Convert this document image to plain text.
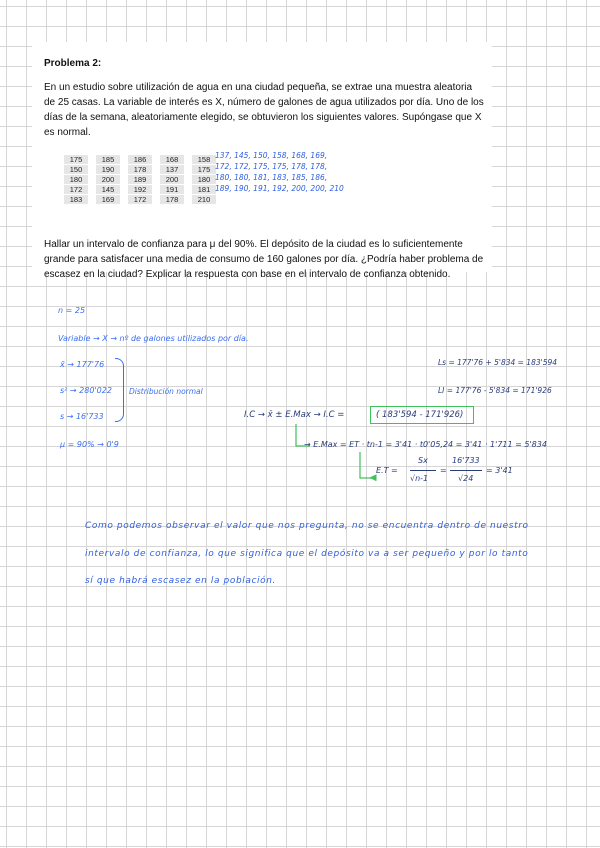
Problema 2:
En un estudio sobre utilización de agua en una ciudad pequeña, se extrae una muestra aleatoria de 25 casas. La variable de interés es X, número de galones de agua utilizados por día. Uno de los días de la semana, aleatoriamente elegido, se obtuvieron los siguientes valores. Supóngase que X es normal.
175	185	186	168	158
150	190	178	137	175
180	200	189	200	180
172	145	192	191	181
183	169	172	178	210
137, 145, 150, 158, 168, 169,
172, 172, 175, 175, 178, 178,
180, 180, 181, 183, 185, 186,
189, 190, 191, 192, 200, 200, 210
Hallar un intervalo de confianza para μ del 90%. El depósito de la ciudad es lo suficientemente grande para satisfacer una media de consumo de 160 galones por día. ¿Podría haber problema de escasez en la ciudad? Explicar la respuesta con base en el intervalo de confianza obtenido.
n = 25
Variable → X → nº de galones utilizados por día.
x̄ → 177'76
s² → 280'022 Distribución normal
s → 16'733
μ = 90% → 0'9
Ls = 177'76 + 5'834 = 183'594
LI = 177'76 - 5'834 = 171'926
I.C → x̄ ± E.Max → I.C =	( 183'594 - 171'926)
→ E.Max = ET · tn-1 = 3'41 · t0'05,24 = 3'41 · 1'711 = 5'834
E.T =
Sx
√n-1
=
16'733
√24
= 3'41
Como podemos observar el valor que nos pregunta, no se encuentra dentro de nuestro
intervalo de confianza, lo que significa que el depósito va a ser pequeño y por lo tanto
sí que habrá escasez en la población.
